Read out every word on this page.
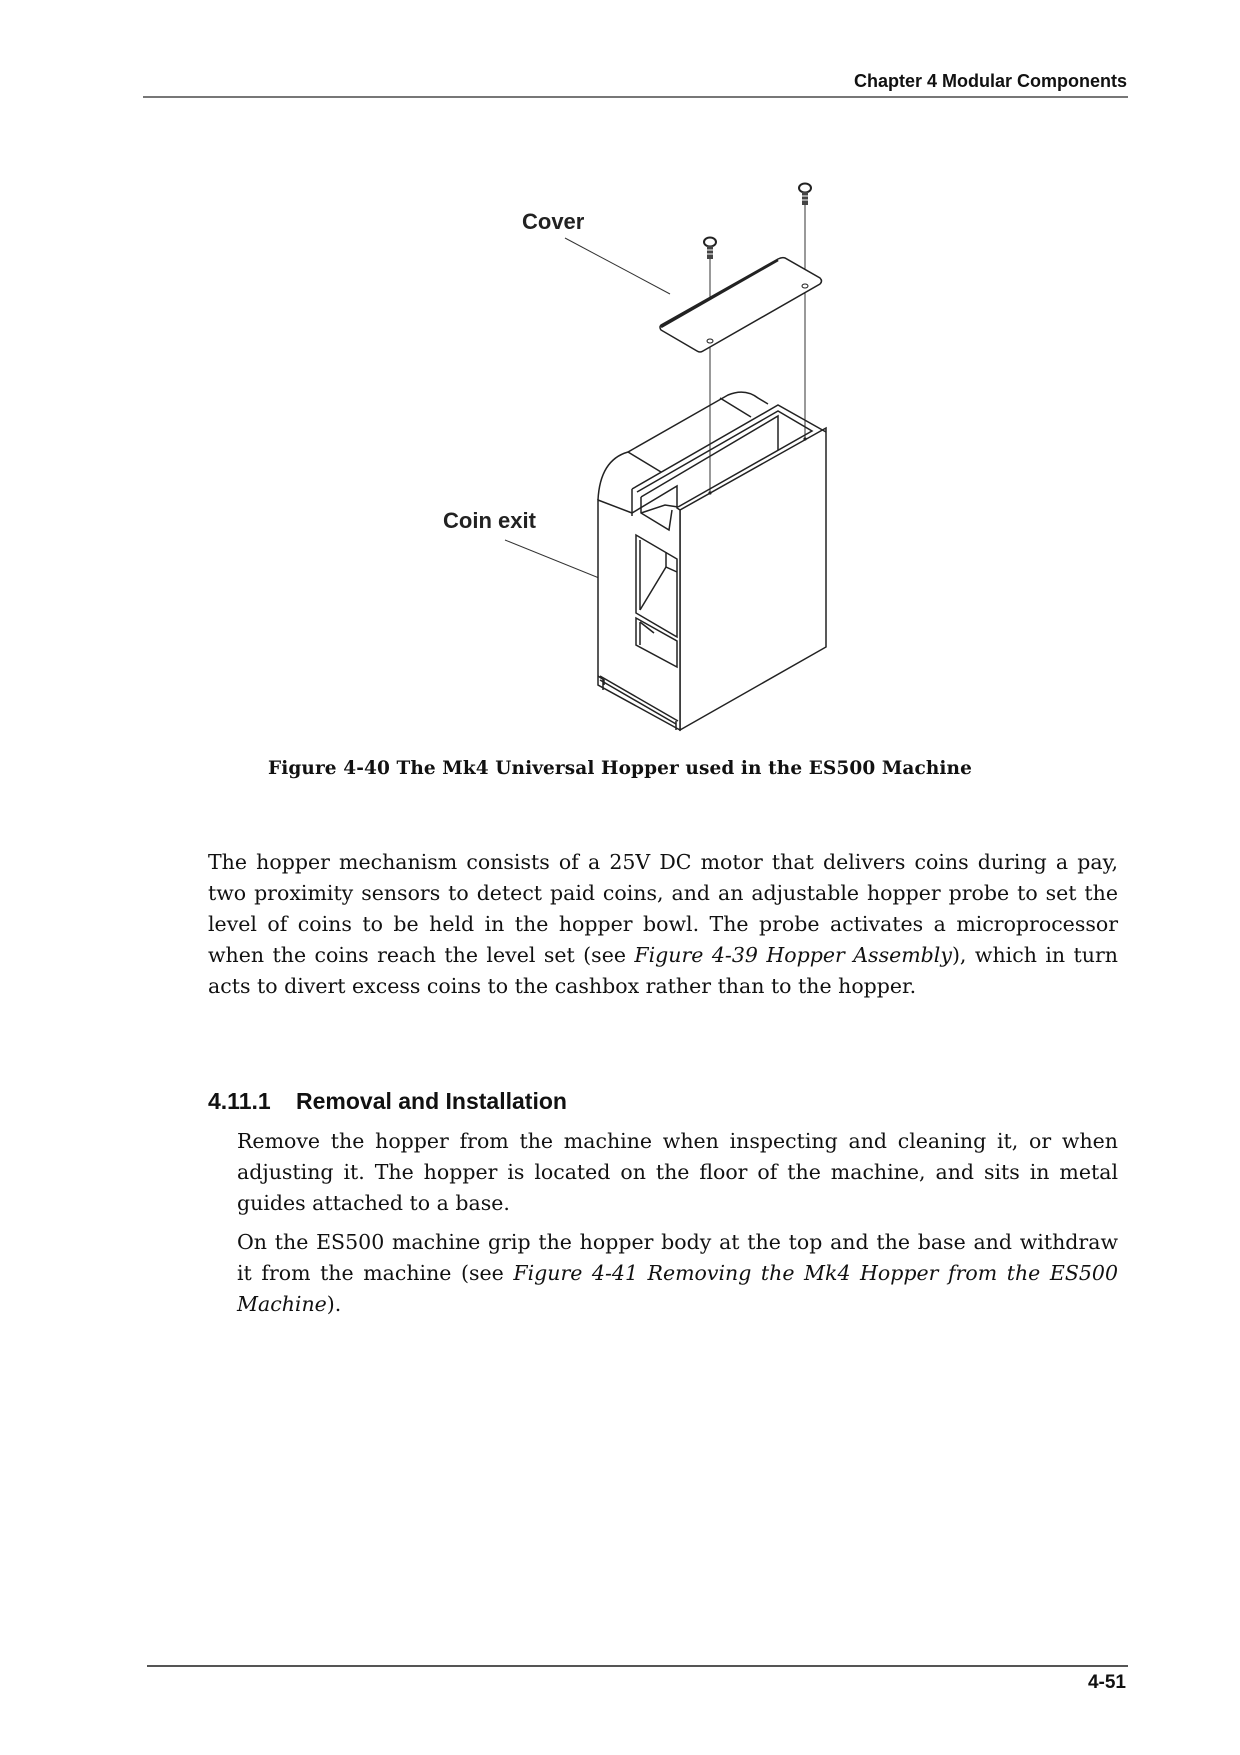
Chapter 4 Modular Components
Cover
Coin exit
Figure 4-40 The Mk4 Universal Hopper used in the ES500 Machine
The hopper mechanism consists of a 25V DC motor that delivers coins during a pay, two proximity sensors to detect paid coins, and an adjustable hopper probe to set the level of coins to be held in the hopper bowl. The probe activates a microprocessor when the coins reach the level set (see Figure 4-39 Hopper Assembly), which in turn acts to divert excess coins to the cashbox rather than to the hopper.
4.11.1 Removal and Installation
Remove the hopper from the machine when inspecting and cleaning it, or when adjusting it. The hopper is located on the floor of the machine, and sits in metal guides attached to a base.
On the ES500 machine grip the hopper body at the top and the base and withdraw it from the machine (see Figure 4-41 Removing the Mk4 Hopper from the ES500 Machine).
4-51
